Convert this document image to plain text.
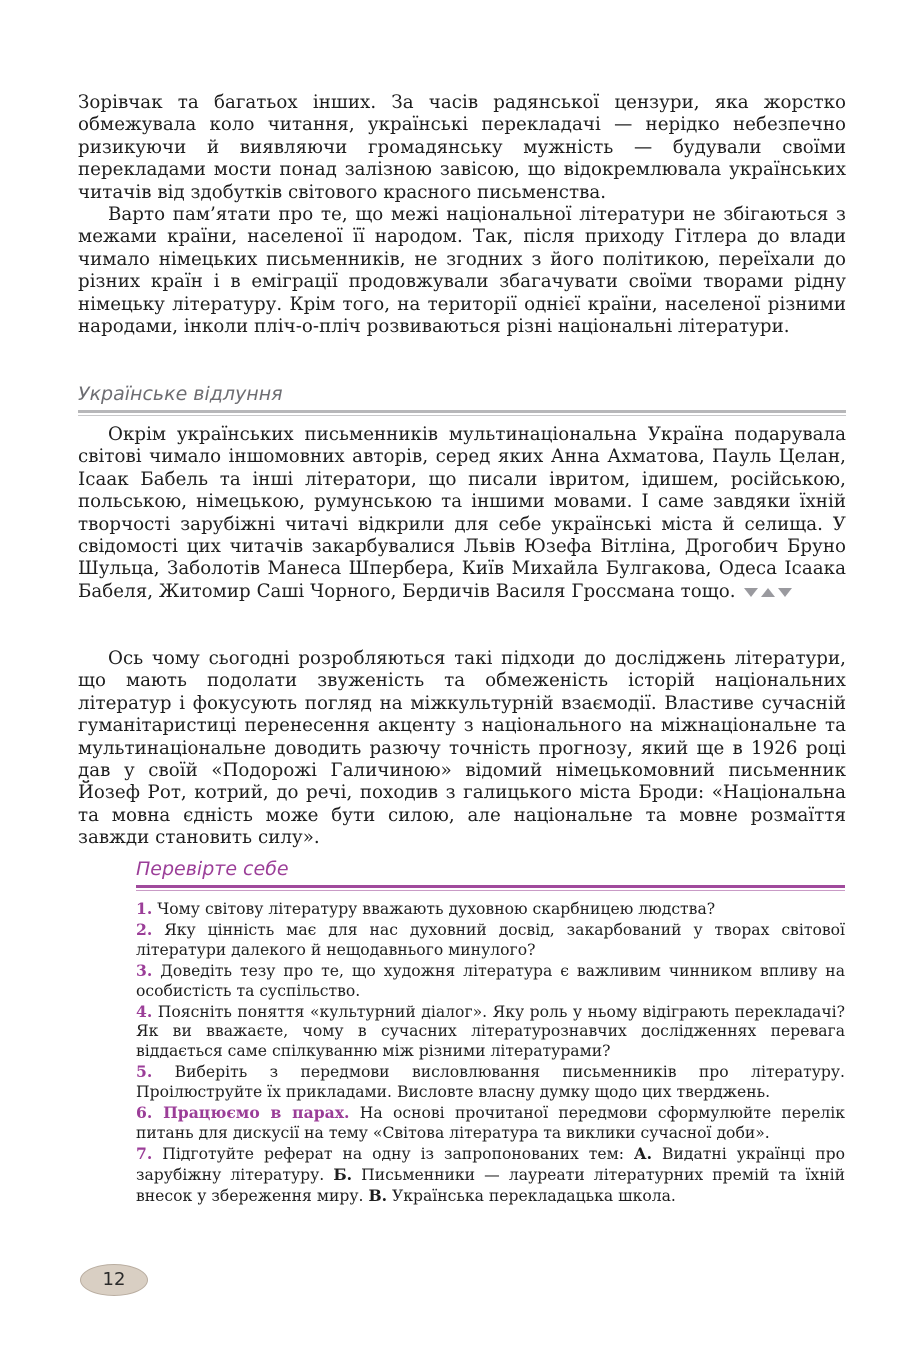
Зорівчак та багатьох інших. За часів радянської цензури, яка жорстко обмежувала коло читання, українські перекладачі — нерідко небезпечно ризикуючи й виявляючи громадянську мужність — будували своїми перекладами мости понад залізною завісою, що відокремлювала українських читачів від здобутків світового красного письменства.

Варто пам’ятати про те, що межі національної літератури не збігаються з межами країни, населеної її народом. Так, після приходу Гітлера до влади чимало німецьких письменників, не згодних з його політикою, переїхали до різних країн і в еміграції продовжували збагачувати своїми творами рідну німецьку літературу. Крім того, на території однієї країни, населеної різними народами, інколи пліч-о-пліч розвиваються різні національні літератури.

Українське відлуння

Окрім українських письменників мультинаціональна Україна подарувала світові чимало іншомовних авторів, серед яких Анна Ахматова, Пауль Целан, Ісаак Бабель та інші літератори, що писали івритом, ідишем, російською, польською, німецькою, румунською та іншими мовами. І саме завдяки їхній творчості зарубіжні читачі відкрили для себе українські міста й селища. У свідомості цих читачів закарбувалися Львів Юзефа Вітліна, Дрогобич Бруно Шульца, Заболотів Манеса Шпербера, Київ Михайла Булгакова, Одеса Ісаака Бабеля, Житомир Саші Чорного, Бердичів Василя Гроссмана тощо.

Ось чому сьогодні розробляються такі підходи до досліджень літератури, що мають подолати звуженість та обмеженість історій національних літератур і фокусують погляд на міжкультурній взаємодії. Властиве сучасній гуманітаристиці перенесення акценту з національного на міжнаціональне та мультинаціональне доводить разючу точність прогнозу, який ще в 1926 році дав у своїй «Подорожі Галичиною» відомий німецькомовний письменник Йозеф Рот, котрий, до речі, походив з галицького міста Броди: «Національна та мовна єдність може бути силою, але національне та мовне розмаїття завжди становить силу».

Перевірте себе

1. Чому світову літературу вважають духовною скарбницею людства?

2. Яку цінність має для нас духовний досвід, закарбований у творах світової літератури далекого й нещодавнього минулого?

3. Доведіть тезу про те, що художня література є важливим чинником впливу на особистість та суспільство.

4. Поясніть поняття «культурний діалог». Яку роль у ньому відіграють перекладачі? Як ви вважаєте, чому в сучасних літературознавчих дослідженнях перевага віддається саме спілкуванню між різними літературами?

5. Виберіть з передмови висловлювання письменників про літературу. Проілюструйте їх прикладами. Висловте власну думку щодо цих тверджень.

6. Працюємо в парах. На основі прочитаної передмови сформулюйте перелік питань для дискусії на тему «Світова література та виклики сучасної доби».

7. Підготуйте реферат на одну із запропонованих тем: А. Видатні українці про зарубіжну літературу. Б. Письменники — лауреати літературних премій та їхній внесок у збереження миру. В. Українська перекладацька школа.

12
